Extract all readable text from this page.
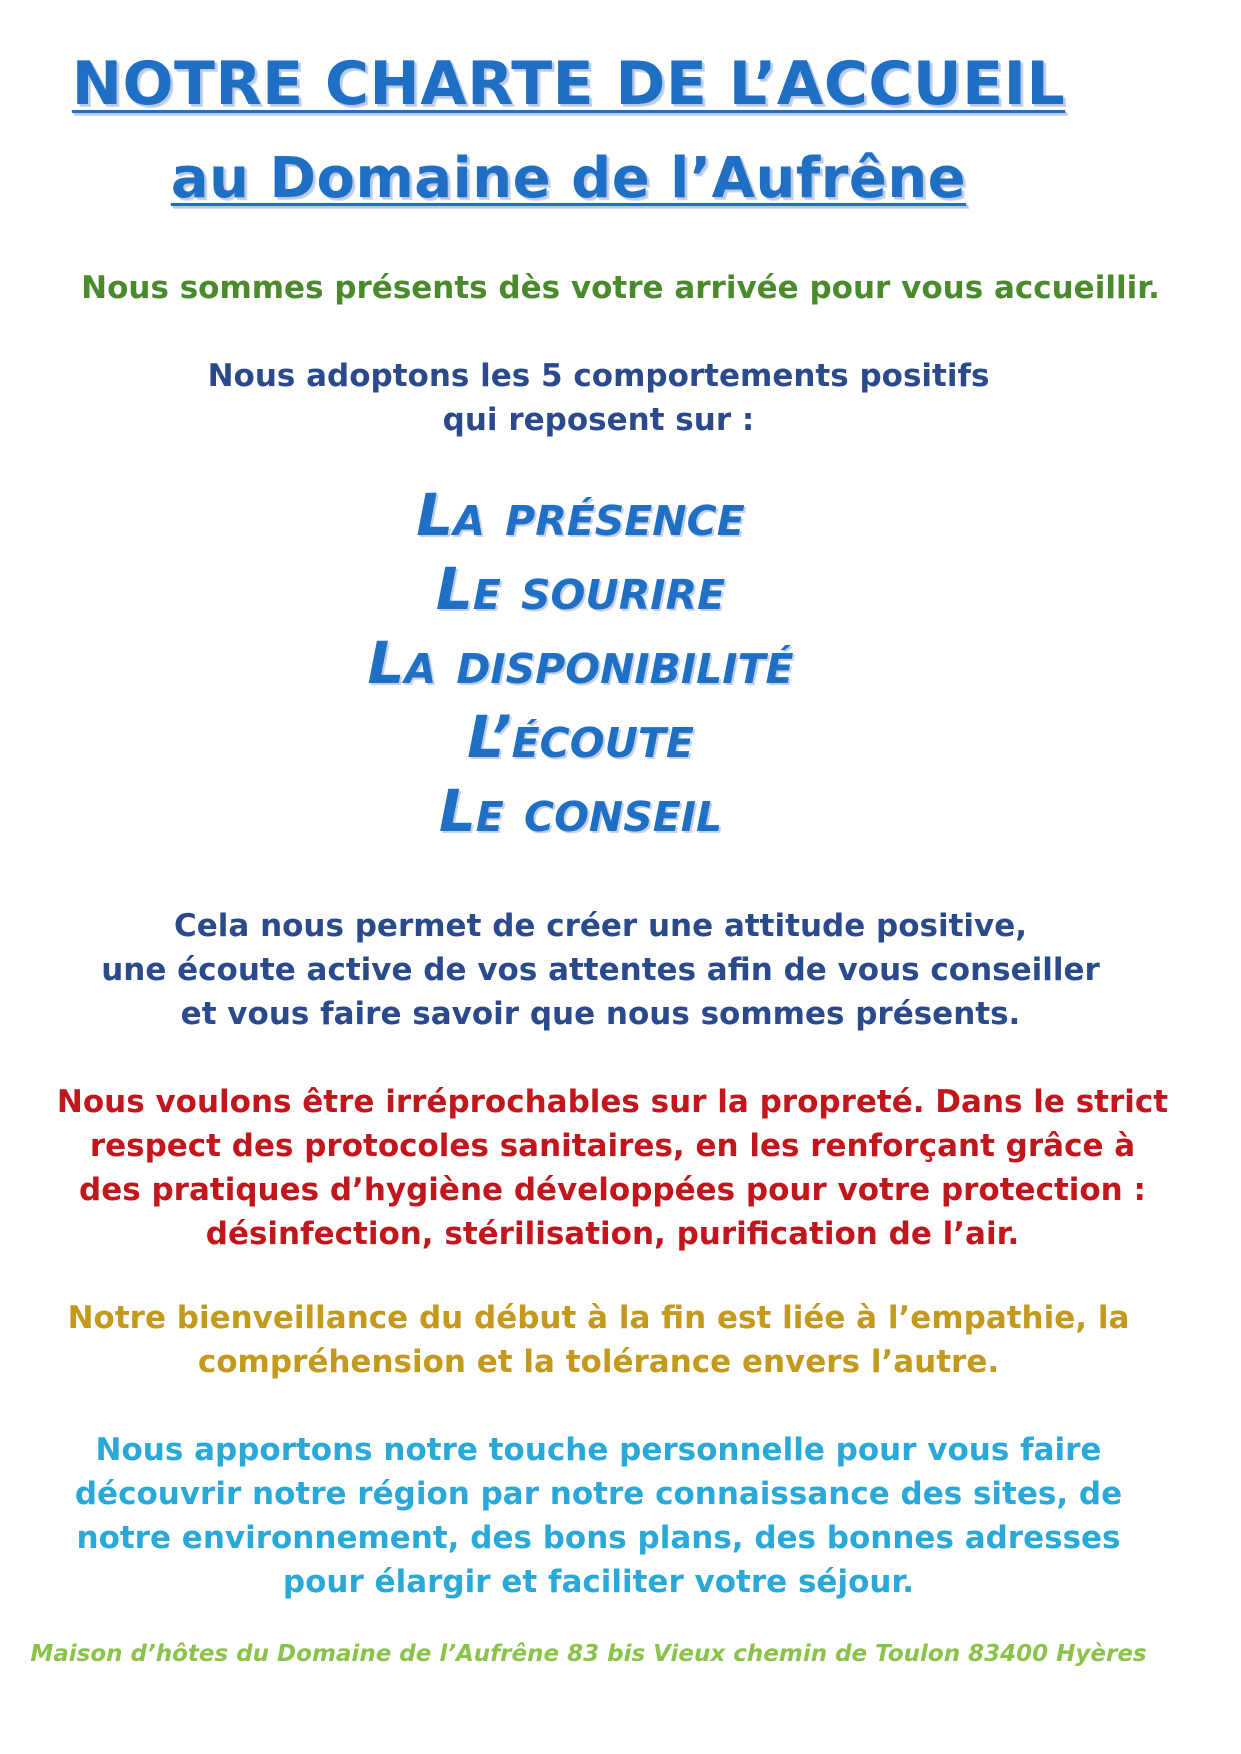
NOTRE CHARTE DE L’ACCUEIL
au Domaine de l’Aufrêne

Nous sommes présents dès votre arrivée pour vous accueillir.

Nous adoptons les 5 comportements positifs
qui reposent sur :

La présence
Le sourire
La disponibilité
L’écoute
Le conseil

Cela nous permet de créer une attitude positive,
une écoute active de vos attentes afin de vous conseiller
et vous faire savoir que nous sommes présents.

Nous voulons être irréprochables sur la propreté. Dans le strict
respect des protocoles sanitaires, en les renforçant grâce à
des pratiques d’hygiène développées pour votre protection :
désinfection, stérilisation, purification de l’air.

Notre bienveillance du début à la fin est liée à l’empathie, la
compréhension et la tolérance envers l’autre.

Nous apportons notre touche personnelle pour vous faire
découvrir notre région par notre connaissance des sites, de
notre environnement, des bons plans, des bonnes adresses
pour élargir et faciliter votre séjour.

Maison d’hôtes du Domaine de l’Aufrêne 83 bis Vieux chemin de Toulon 83400 Hyères
